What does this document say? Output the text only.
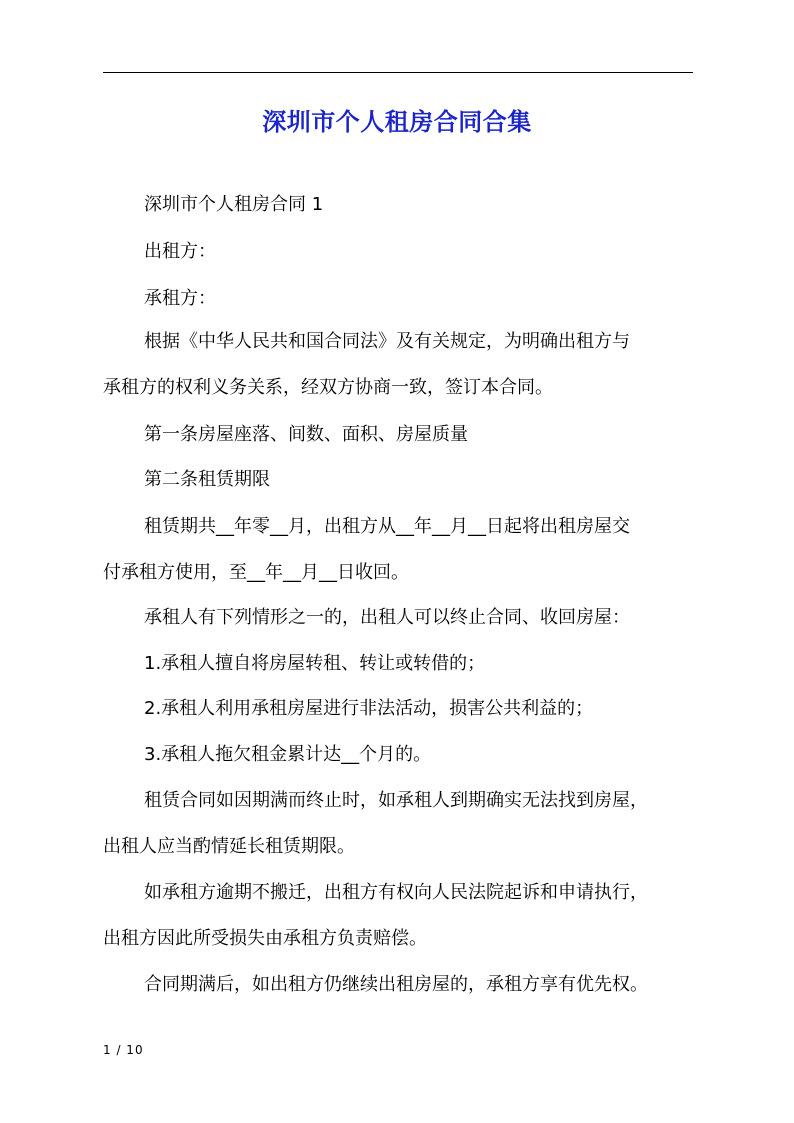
深圳市个人租房合同合集

深圳市个人租房合同 1

出租方：

承租方：

根据《中华人民共和国合同法》及有关规定，为明确出租方与

承租方的权利义务关系，经双方协商一致，签订本合同。

第一条房屋座落、间数、面积、房屋质量

第二条租赁期限

租赁期共__年零__月，出租方从__年__月__日起将出租房屋交

付承租方使用，至__年__月__日收回。

承租人有下列情形之一的，出租人可以终止合同、收回房屋：

1.承租人擅自将房屋转租、转让或转借的；

2.承租人利用承租房屋进行非法活动，损害公共利益的；

3.承租人拖欠租金累计达__个月的。

租赁合同如因期满而终止时，如承租人到期确实无法找到房屋，

出租人应当酌情延长租赁期限。

如承租方逾期不搬迁，出租方有权向人民法院起诉和申请执行，

出租方因此所受损失由承租方负责赔偿。

合同期满后，如出租方仍继续出租房屋的，承租方享有优先权。

1 / 10
